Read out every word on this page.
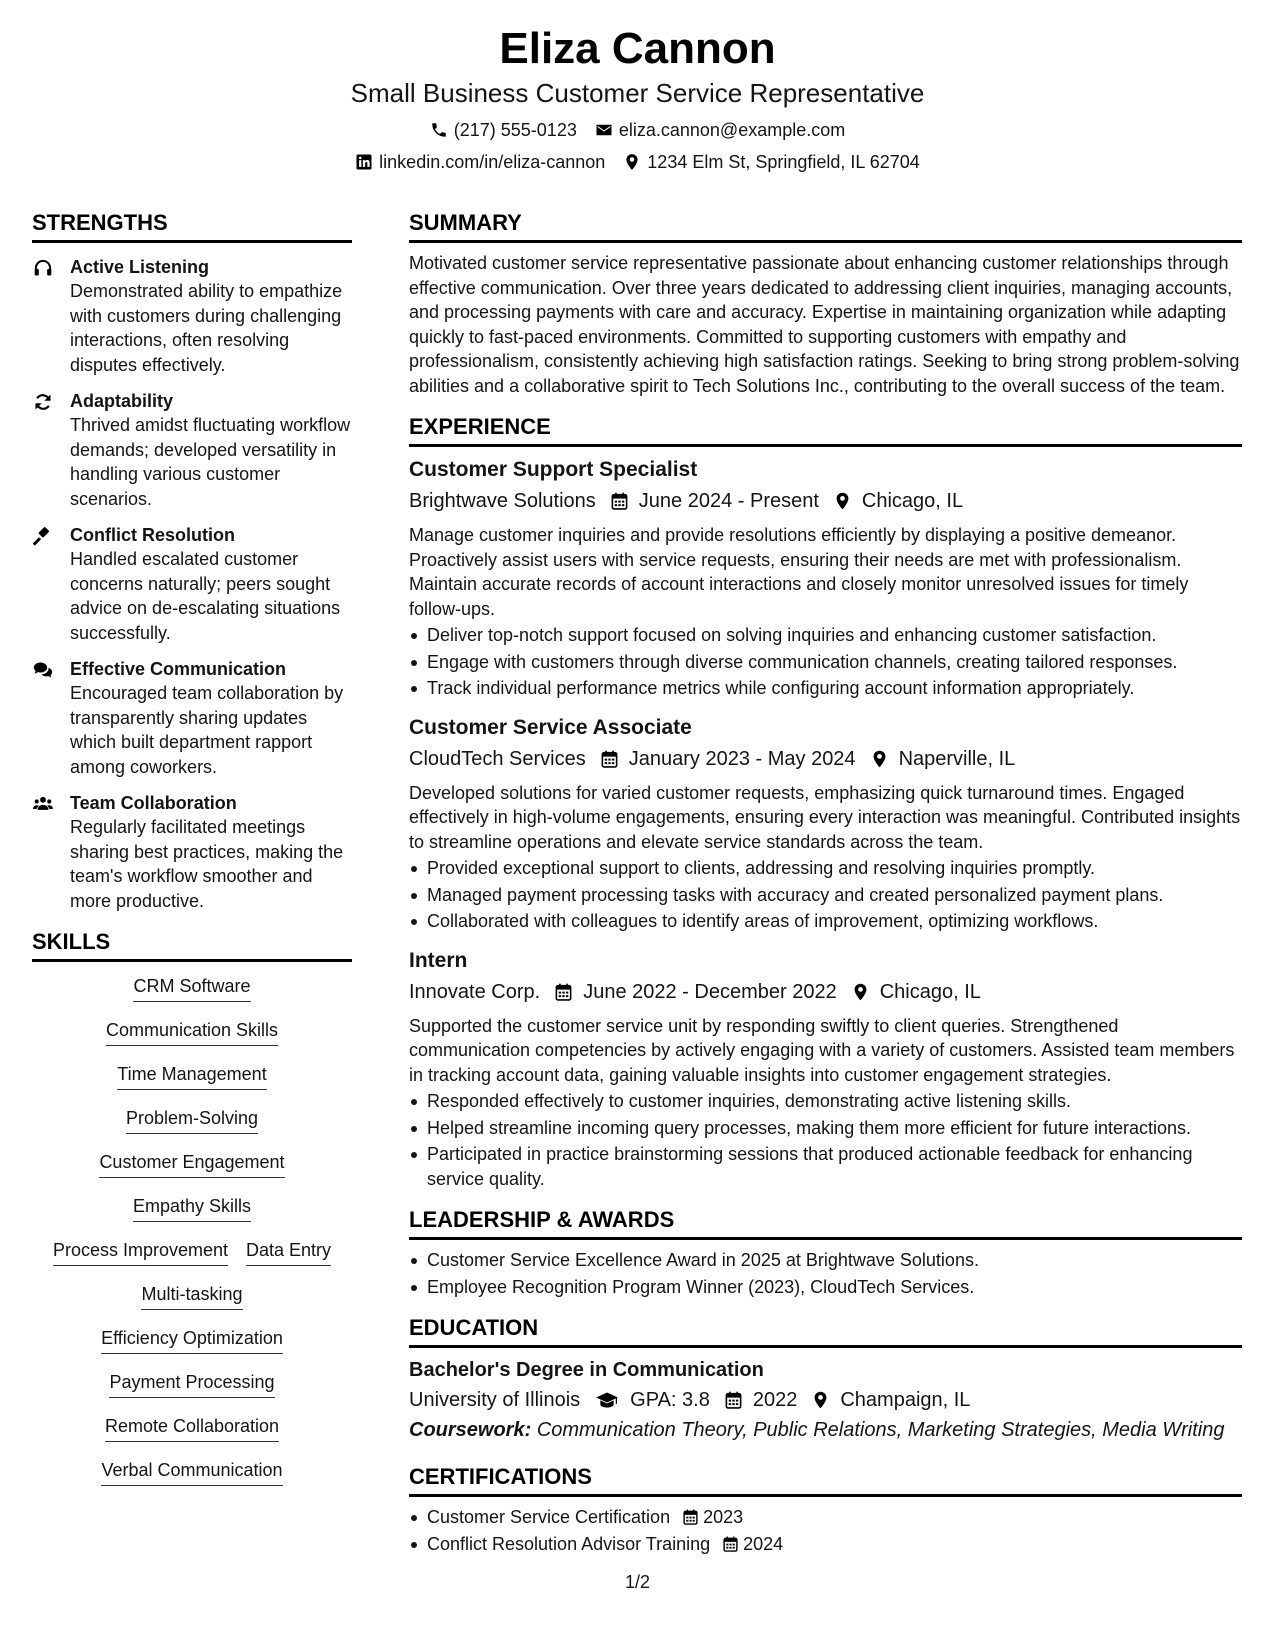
Eliza Cannon
Small Business Customer Service Representative
(217) 555-0123 eliza.cannon@example.com
linkedin.com/in/eliza-cannon 1234 Elm St, Springfield, IL 62704
STRENGTHS
Active Listening
Demonstrated ability to empathize with customers during challenging interactions, often resolving disputes effectively.
Adaptability
Thrived amidst fluctuating workflow demands; developed versatility in handling various customer scenarios.
Conflict Resolution
Handled escalated customer concerns naturally; peers sought advice on de-escalating situations successfully.
Effective Communication
Encouraged team collaboration by transparently sharing updates which built department rapport among coworkers.
Team Collaboration
Regularly facilitated meetings sharing best practices, making the team's workflow smoother and more productive.
SKILLS
CRM Software
Communication Skills
Time Management
Problem-Solving
Customer Engagement
Empathy Skills
Process Improvement Data Entry
Multi-tasking
Efficiency Optimization
Payment Processing
Remote Collaboration
Verbal Communication
SUMMARY

Motivated customer service representative passionate about enhancing customer relationships through effective communication. Over three years dedicated to addressing client inquiries, managing accounts, and processing payments with care and accuracy. Expertise in maintaining organization while adapting quickly to fast-paced environments. Committed to supporting customers with empathy and professionalism, consistently achieving high satisfaction ratings. Seeking to bring strong problem-solving abilities and a collaborative spirit to Tech Solutions Inc., contributing to the overall success of the team.

EXPERIENCE
Customer Support Specialist
Brightwave Solutions June 2024 - Present Chicago, IL

Manage customer inquiries and provide resolutions efficiently by displaying a positive demeanor. Proactively assist users with service requests, ensuring their needs are met with professionalism. Maintain accurate records of account interactions and closely monitor unresolved issues for timely follow-ups.

Deliver top-notch support focused on solving inquiries and enhancing customer satisfaction.
Engage with customers through diverse communication channels, creating tailored responses.
Track individual performance metrics while configuring account information appropriately.
Customer Service Associate
CloudTech Services January 2023 - May 2024 Naperville, IL

Developed solutions for varied customer requests, emphasizing quick turnaround times. Engaged effectively in high-volume engagements, ensuring every interaction was meaningful. Contributed insights to streamline operations and elevate service standards across the team.

Provided exceptional support to clients, addressing and resolving inquiries promptly.
Managed payment processing tasks with accuracy and created personalized payment plans.
Collaborated with colleagues to identify areas of improvement, optimizing workflows.
Intern
Innovate Corp. June 2022 - December 2022 Chicago, IL

Supported the customer service unit by responding swiftly to client queries. Strengthened communication competencies by actively engaging with a variety of customers. Assisted team members in tracking account data, gaining valuable insights into customer engagement strategies.

Responded effectively to customer inquiries, demonstrating active listening skills.
Helped streamline incoming query processes, making them more efficient for future interactions.
Participated in practice brainstorming sessions that produced actionable feedback for enhancing service quality.
LEADERSHIP & AWARDS
Customer Service Excellence Award in 2025 at Brightwave Solutions.
Employee Recognition Program Winner (2023), CloudTech Services.
EDUCATION
Bachelor's Degree in Communication
University of Illinois	GPA: 3.8 2022 Champaign, IL
Coursework: Communication Theory, Public Relations, Marketing Strategies, Media Writing
CERTIFICATIONS
Customer Service Certification 2023
Conflict Resolution Advisor Training 2024
1/2
